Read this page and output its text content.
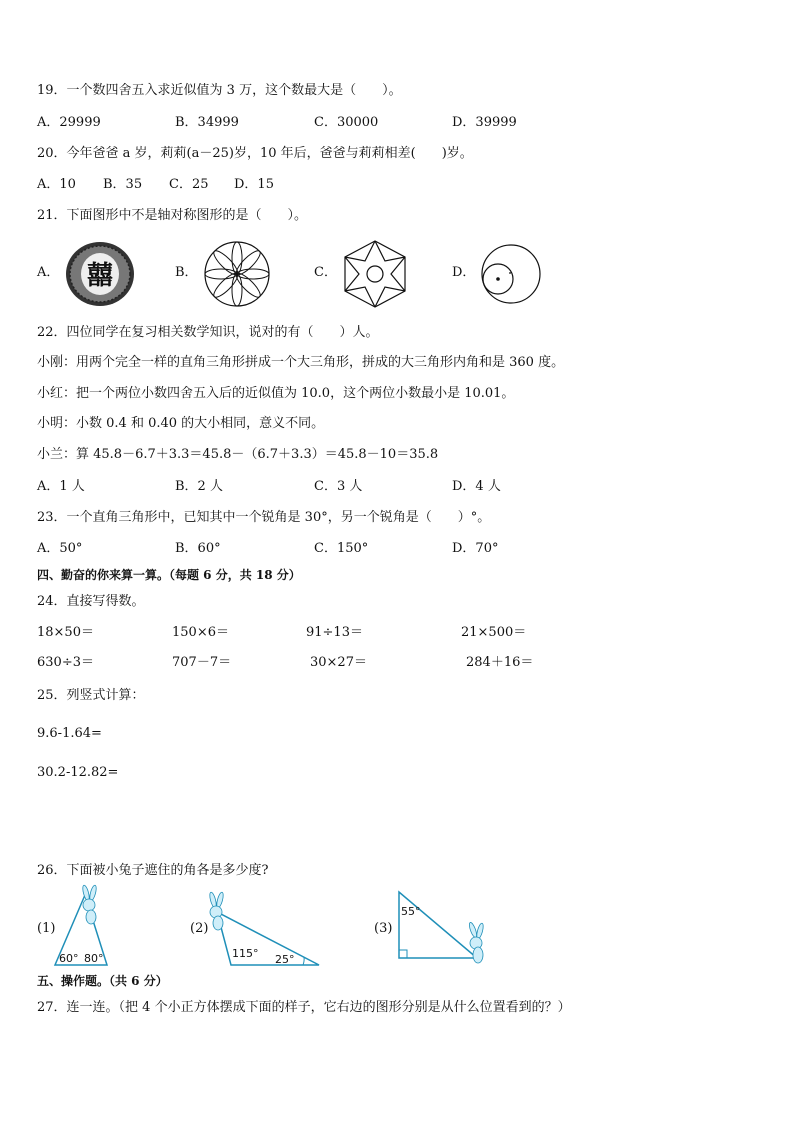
19．一个数四舍五入求近似值为 3 万，这个数最大是（　　）。
A．29999	B．34999	C．30000	D．39999
20．今年爸爸 a 岁，莉莉(a－25)岁，10 年后，爸爸与莉莉相差(　　)岁。
A．10 B．35 C．25 D．15
21．下面图形中不是轴对称图形的是（　　）。
A．	B．	C．	D．
囍
22．四位同学在复习相关数学知识，说对的有（　　）人。
小刚：用两个完全一样的直角三角形拼成一个大三角形，拼成的大三角形内角和是 360 度。
小红：把一个两位小数四舍五入后的近似值为 10.0，这个两位小数最小是 10.01。
小明：小数 0.4 和 0.40 的大小相同，意义不同。
小兰：算 45.8－6.7＋3.3＝45.8－（6.7＋3.3）＝45.8－10＝35.8
A．1 人	B．2 人	C．3 人	D．4 人
23．一个直角三角形中，已知其中一个锐角是 30°，另一个锐角是（　　）°。
A．50°	B．60°	C．150°	D．70°
四、勤奋的你来算一算。（每题 6 分，共 18 分）
24．直接写得数。
18×50＝	150×6＝	91÷13＝	21×500＝
630÷3＝	707－7＝	30×27＝	284＋16＝
25．列竖式计算：
9.6-1.64=
30.2-12.82=
26．下面被小兔子遮住的角各是多少度?
(1)	(2)	(3)
60° 80°	115° 25°
55°
五、操作题。（共 6 分）
27．连一连。（把 4 个小正方体摆成下面的样子，它右边的图形分别是从什么位置看到的？）
